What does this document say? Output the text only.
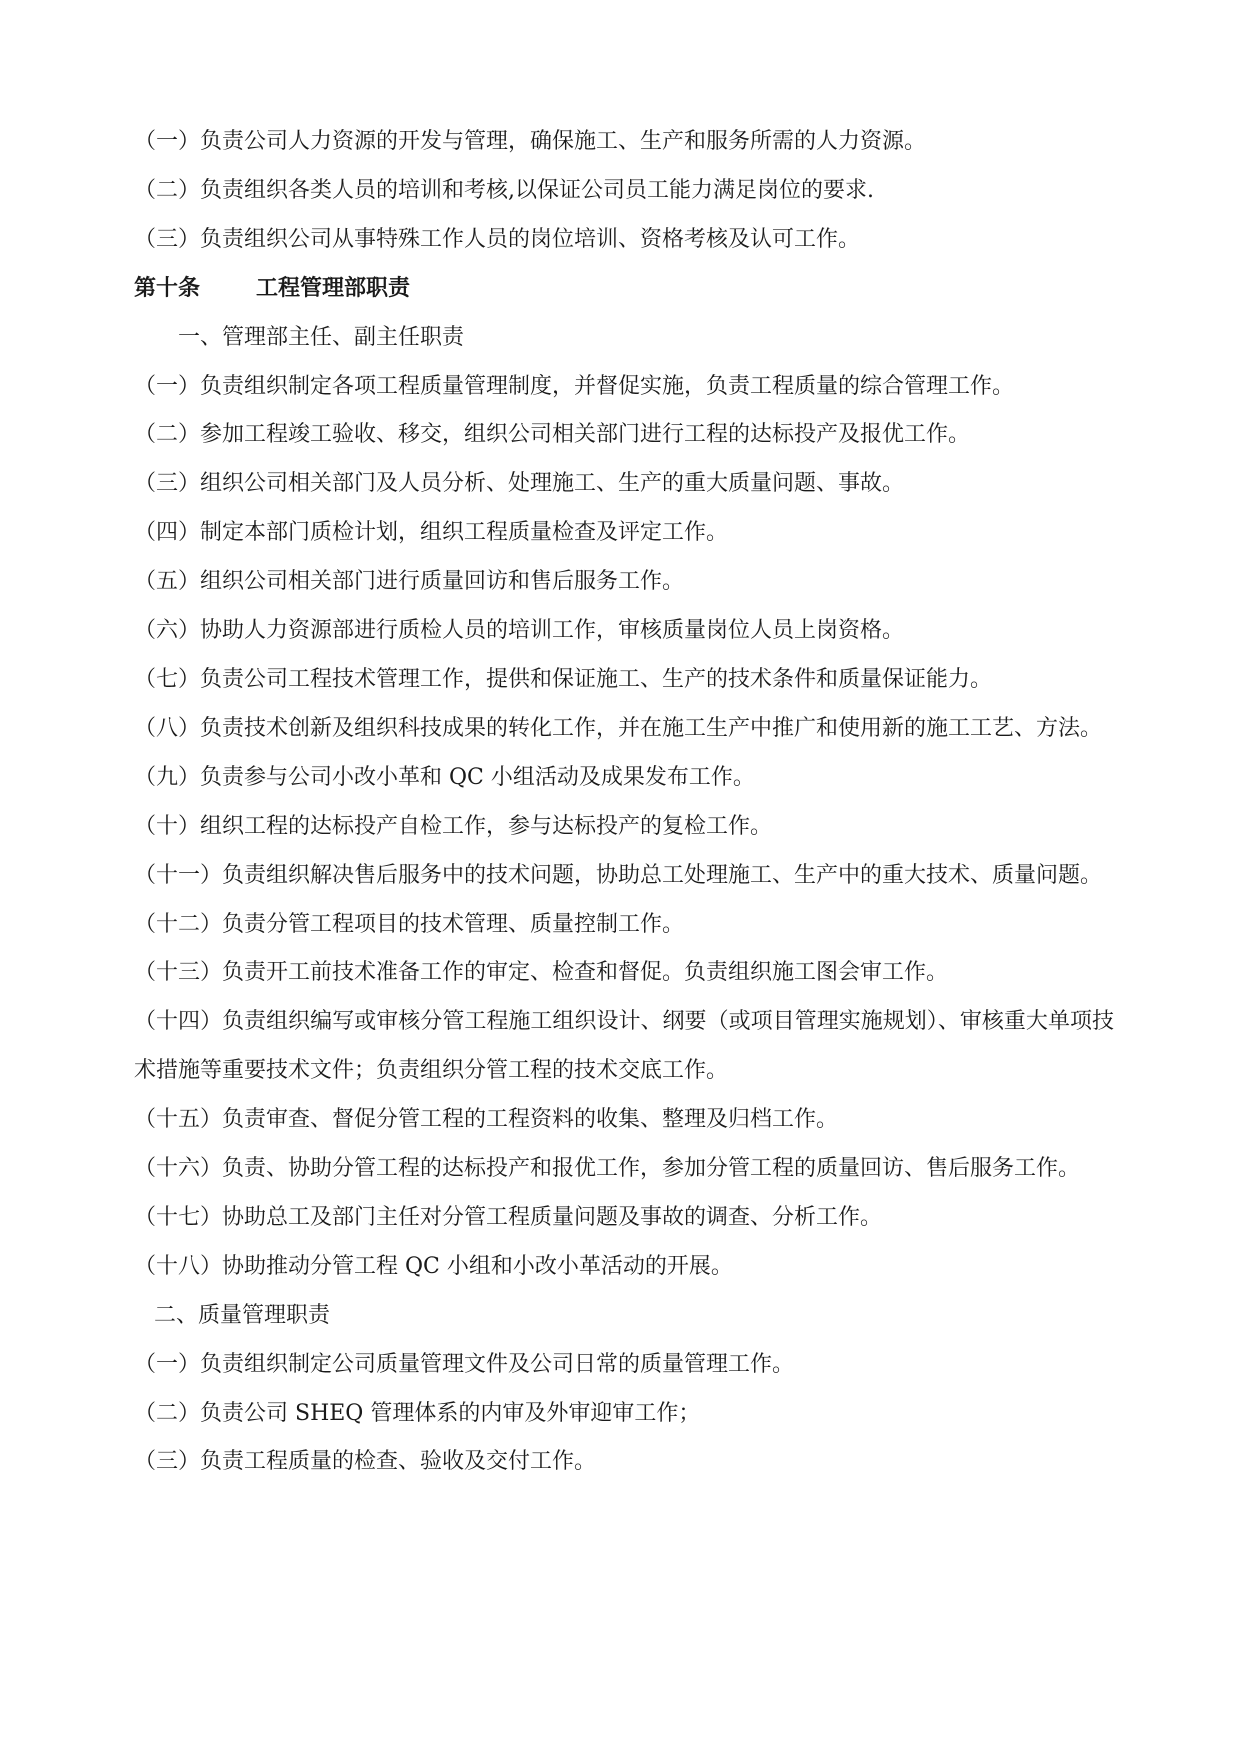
（一）负责公司人力资源的开发与管理，确保施工、生产和服务所需的人力资源。
（二）负责组织各类人员的培训和考核,以保证公司员工能力满足岗位的要求.
（三）负责组织公司从事特殊工作人员的岗位培训、资格考核及认可工作。
第十条	工程管理部职责
一、管理部主任、副主任职责
（一）负责组织制定各项工程质量管理制度，并督促实施，负责工程质量的综合管理工作。
（二）参加工程竣工验收、移交，组织公司相关部门进行工程的达标投产及报优工作。
（三）组织公司相关部门及人员分析、处理施工、生产的重大质量问题、事故。
（四）制定本部门质检计划，组织工程质量检查及评定工作。
（五）组织公司相关部门进行质量回访和售后服务工作。
（六）协助人力资源部进行质检人员的培训工作，审核质量岗位人员上岗资格。
（七）负责公司工程技术管理工作，提供和保证施工、生产的技术条件和质量保证能力。
（八）负责技术创新及组织科技成果的转化工作，并在施工生产中推广和使用新的施工工艺、方法。
（九）负责参与公司小改小革和 QC 小组活动及成果发布工作。
（十）组织工程的达标投产自检工作，参与达标投产的复检工作。
（十一）负责组织解决售后服务中的技术问题，协助总工处理施工、生产中的重大技术、质量问题。
（十二）负责分管工程项目的技术管理、质量控制工作。
（十三）负责开工前技术准备工作的审定、检查和督促。负责组织施工图会审工作。
（十四）负责组织编写或审核分管工程施工组织设计、纲要（或项目管理实施规划）、审核重大单项技术措施等重要技术文件；负责组织分管工程的技术交底工作。
（十五）负责审查、督促分管工程的工程资料的收集、整理及归档工作。
（十六）负责、协助分管工程的达标投产和报优工作，参加分管工程的质量回访、售后服务工作。
（十七）协助总工及部门主任对分管工程质量问题及事故的调查、分析工作。
（十八）协助推动分管工程 QC 小组和小改小革活动的开展。
二、质量管理职责
（一）负责组织制定公司质量管理文件及公司日常的质量管理工作。
（二）负责公司 SHEQ 管理体系的内审及外审迎审工作；
（三）负责工程质量的检查、验收及交付工作。
